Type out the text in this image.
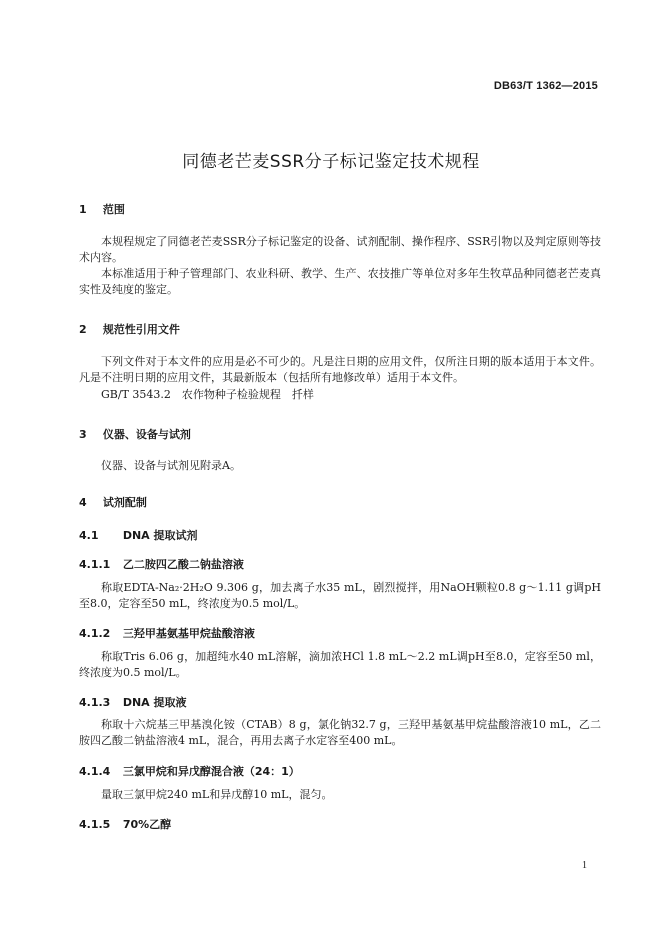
DB63/T 1362—2015
同德老芒麦SSR分子标记鉴定技术规程
1 范围
本规程规定了同德老芒麦SSR分子标记鉴定的设备、试剂配制、操作程序、SSR引物以及判定原则等技术内容。
本标准适用于种子管理部门、农业科研、教学、生产、农技推广等单位对多年生牧草品种同德老芒麦真实性及纯度的鉴定。
2 规范性引用文件
下列文件对于本文件的应用是必不可少的。凡是注日期的应用文件，仅所注日期的版本适用于本文件。凡是不注明日期的应用文件，其最新版本（包括所有地修改单）适用于本文件。
GB/T 3543.2　农作物种子检验规程　扦样
3 仪器、设备与试剂
仪器、设备与试剂见附录A。
4 试剂配制
4.1 DNA 提取试剂
4.1.1 乙二胺四乙酸二钠盐溶液
称取EDTA-Na₂·2H₂O 9.306 g，加去离子水35 mL，剧烈搅拌，用NaOH颗粒0.8 g～1.11 g调pH至8.0，定容至50 mL，终浓度为0.5 mol/L。
4.1.2 三羟甲基氨基甲烷盐酸溶液
称取Tris 6.06 g，加超纯水40 mL溶解，滴加浓HCl 1.8 mL～2.2 mL调pH至8.0，定容至50 ml，终浓度为0.5 mol/L。
4.1.3 DNA 提取液
称取十六烷基三甲基溴化铵（CTAB）8 g，氯化钠32.7 g，三羟甲基氨基甲烷盐酸溶液10 mL，乙二胺四乙酸二钠盐溶液4 mL，混合，再用去离子水定容至400 mL。
4.1.4 三氯甲烷和异戊醇混合液（24：1）
量取三氯甲烷240 mL和异戊醇10 mL，混匀。
4.1.5 70%乙醇
1
